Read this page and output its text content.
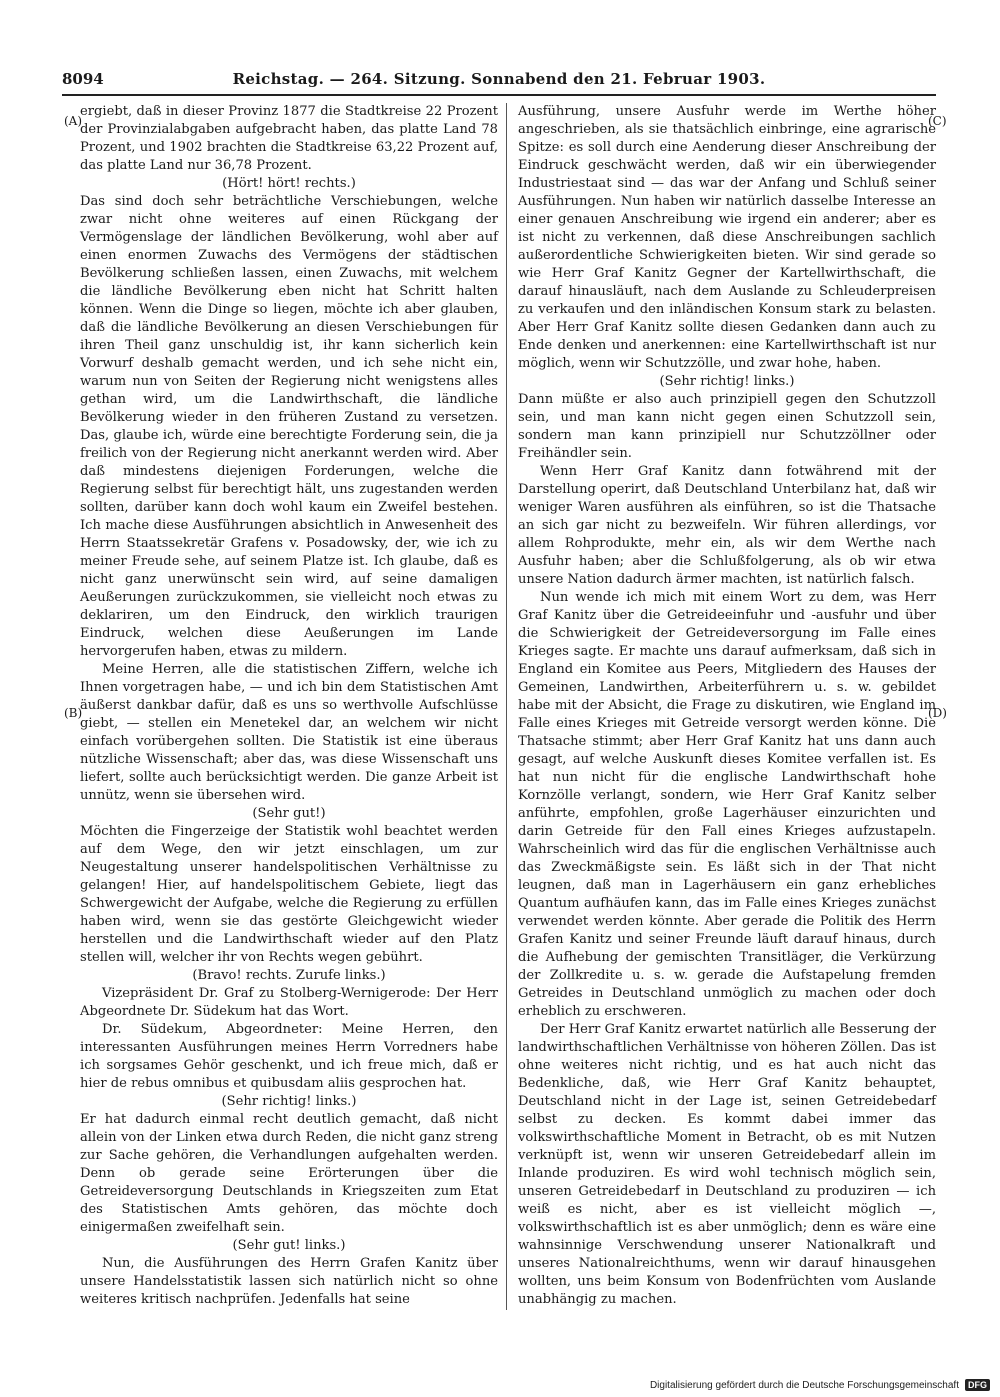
8094	Reichstag. — 264. Sitzung. Sonnabend den 21. Februar 1903.
(A)
(B)
(C)
(D)

ergiebt, daß in dieser Provinz 1877 die Stadtkreise 22 Prozent der Provinzialabgaben aufgebracht haben, das platte Land 78 Prozent, und 1902 brachten die Stadtkreise 63,22 Prozent auf, das platte Land nur 36,78 Prozent.

(Hört! hört! rechts.)

Das sind doch sehr beträchtliche Verschiebungen, welche zwar nicht ohne weiteres auf einen Rückgang der Vermögenslage der ländlichen Bevölkerung, wohl aber auf einen enormen Zuwachs des Vermögens der städtischen Bevölkerung schließen lassen, einen Zuwachs, mit welchem die ländliche Bevölkerung eben nicht hat Schritt halten können. Wenn die Dinge so liegen, möchte ich aber glauben, daß die ländliche Bevölkerung an diesen Verschiebungen für ihren Theil ganz unschuldig ist, ihr kann sicherlich kein Vorwurf deshalb gemacht werden, und ich sehe nicht ein, warum nun von Seiten der Regierung nicht wenigstens alles gethan wird, um die Landwirthschaft, die ländliche Bevölkerung wieder in den früheren Zustand zu versetzen. Das, glaube ich, würde eine berechtigte Forderung sein, die ja freilich von der Regierung nicht anerkannt werden wird. Aber daß mindestens diejenigen Forderungen, welche die Regierung selbst für berechtigt hält, uns zugestanden werden sollten, darüber kann doch wohl kaum ein Zweifel bestehen. Ich mache diese Ausführungen absichtlich in Anwesenheit des Herrn Staatssekretär Grafens v. Posadowsky, der, wie ich zu meiner Freude sehe, auf seinem Platze ist. Ich glaube, daß es nicht ganz unerwünscht sein wird, auf seine damaligen Aeußerungen zurückzukommen, sie vielleicht noch etwas zu deklariren, um den Eindruck, den wirklich traurigen Eindruck, welchen diese Aeußerungen im Lande hervorgerufen haben, etwas zu mildern.

Meine Herren, alle die statistischen Ziffern, welche ich Ihnen vorgetragen habe, — und ich bin dem Statistischen Amt äußerst dankbar dafür, daß es uns so werthvolle Aufschlüsse giebt, — stellen ein Menetekel dar, an welchem wir nicht einfach vorübergehen sollten. Die Statistik ist eine überaus nützliche Wissenschaft; aber das, was diese Wissenschaft uns liefert, sollte auch berücksichtigt werden. Die ganze Arbeit ist unnütz, wenn sie übersehen wird.

(Sehr gut!)

Möchten die Fingerzeige der Statistik wohl beachtet werden auf dem Wege, den wir jetzt einschlagen, um zur Neugestaltung unserer handelspolitischen Verhältnisse zu gelangen! Hier, auf handelspolitischem Gebiete, liegt das Schwergewicht der Aufgabe, welche die Regierung zu erfüllen haben wird, wenn sie das gestörte Gleichgewicht wieder herstellen und die Landwirthschaft wieder auf den Platz stellen will, welcher ihr von Rechts wegen gebührt.

(Bravo! rechts. Zurufe links.)

Vizepräsident Dr. Graf zu Stolberg-Wernigerode: Der Herr Abgeordnete Dr. Südekum hat das Wort.

Dr. Südekum, Abgeordneter: Meine Herren, den interessanten Ausführungen meines Herrn Vorredners habe ich sorgsames Gehör geschenkt, und ich freue mich, daß er hier de rebus omnibus et quibusdam aliis gesprochen hat.

(Sehr richtig! links.)

Er hat dadurch einmal recht deutlich gemacht, daß nicht allein von der Linken etwa durch Reden, die nicht ganz streng zur Sache gehören, die Verhandlungen aufgehalten werden. Denn ob gerade seine Erörterungen über die Getreideversorgung Deutschlands in Kriegszeiten zum Etat des Statistischen Amts gehören, das möchte doch einigermaßen zweifelhaft sein.

(Sehr gut! links.)

Nun, die Ausführungen des Herrn Grafen Kanitz über unsere Handelsstatistik lassen sich natürlich nicht so ohne weiteres kritisch nachprüfen. Jedenfalls hat seine

Ausführung, unsere Ausfuhr werde im Werthe höher angeschrieben, als sie thatsächlich einbringe, eine agrarische Spitze: es soll durch eine Aenderung dieser Anschreibung der Eindruck geschwächt werden, daß wir ein überwiegender Industriestaat sind — das war der Anfang und Schluß seiner Ausführungen. Nun haben wir natürlich dasselbe Interesse an einer genauen Anschreibung wie irgend ein anderer; aber es ist nicht zu verkennen, daß diese Anschreibungen sachlich außerordentliche Schwierigkeiten bieten. Wir sind gerade so wie Herr Graf Kanitz Gegner der Kartellwirthschaft, die darauf hinausläuft, nach dem Auslande zu Schleuderpreisen zu verkaufen und den inländischen Konsum stark zu belasten. Aber Herr Graf Kanitz sollte diesen Gedanken dann auch zu Ende denken und anerkennen: eine Kartellwirthschaft ist nur möglich, wenn wir Schutzzölle, und zwar hohe, haben.

(Sehr richtig! links.)

Dann müßte er also auch prinzipiell gegen den Schutzzoll sein, und man kann nicht gegen einen Schutzzoll sein, sondern man kann prinzipiell nur Schutzzöllner oder Freihändler sein.

Wenn Herr Graf Kanitz dann fotwährend mit der Darstellung operirt, daß Deutschland Unterbilanz hat, daß wir weniger Waren ausführen als einführen, so ist die Thatsache an sich gar nicht zu bezweifeln. Wir führen allerdings, vor allem Rohprodukte, mehr ein, als wir dem Werthe nach Ausfuhr haben; aber die Schlußfolgerung, als ob wir etwa unsere Nation dadurch ärmer machten, ist natürlich falsch.

Nun wende ich mich mit einem Wort zu dem, was Herr Graf Kanitz über die Getreideeinfuhr und -ausfuhr und über die Schwierigkeit der Getreideversorgung im Falle eines Krieges sagte. Er machte uns darauf aufmerksam, daß sich in England ein Komitee aus Peers, Mitgliedern des Hauses der Gemeinen, Landwirthen, Arbeiterführern u. s. w. gebildet habe mit der Absicht, die Frage zu diskutiren, wie England im Falle eines Krieges mit Getreide versorgt werden könne. Die Thatsache stimmt; aber Herr Graf Kanitz hat uns dann auch gesagt, auf welche Auskunft dieses Komitee verfallen ist. Es hat nun nicht für die englische Landwirthschaft hohe Kornzölle verlangt, sondern, wie Herr Graf Kanitz selber anführte, empfohlen, große Lagerhäuser einzurichten und darin Getreide für den Fall eines Krieges aufzustapeln. Wahrscheinlich wird das für die englischen Verhältnisse auch das Zweckmäßigste sein. Es läßt sich in der That nicht leugnen, daß man in Lagerhäusern ein ganz erhebliches Quantum aufhäufen kann, das im Falle eines Krieges zunächst verwendet werden könnte. Aber gerade die Politik des Herrn Grafen Kanitz und seiner Freunde läuft darauf hinaus, durch die Aufhebung der gemischten Transitläger, die Verkürzung der Zollkredite u. s. w. gerade die Aufstapelung fremden Getreides in Deutschland unmöglich zu machen oder doch erheblich zu erschweren.

Der Herr Graf Kanitz erwartet natürlich alle Besserung der landwirthschaftlichen Verhältnisse von höheren Zöllen. Das ist ohne weiteres nicht richtig, und es hat auch nicht das Bedenkliche, daß, wie Herr Graf Kanitz behauptet, Deutschland nicht in der Lage ist, seinen Getreidebedarf selbst zu decken. Es kommt dabei immer das volkswirthschaftliche Moment in Betracht, ob es mit Nutzen verknüpft ist, wenn wir unseren Getreidebedarf allein im Inlande produziren. Es wird wohl technisch möglich sein, unseren Getreidebedarf in Deutschland zu produziren — ich weiß es nicht, aber es ist vielleicht möglich —, volkswirthschaftlich ist es aber unmöglich; denn es wäre eine wahnsinnige Verschwendung unserer Nationalkraft und unseres Nationalreichthums, wenn wir darauf hinausgehen wollten, uns beim Konsum von Bodenfrüchten vom Auslande unabhängig zu machen.

Digitalisierung gefördert durch die Deutsche Forschungsgemeinschaft	DFG
